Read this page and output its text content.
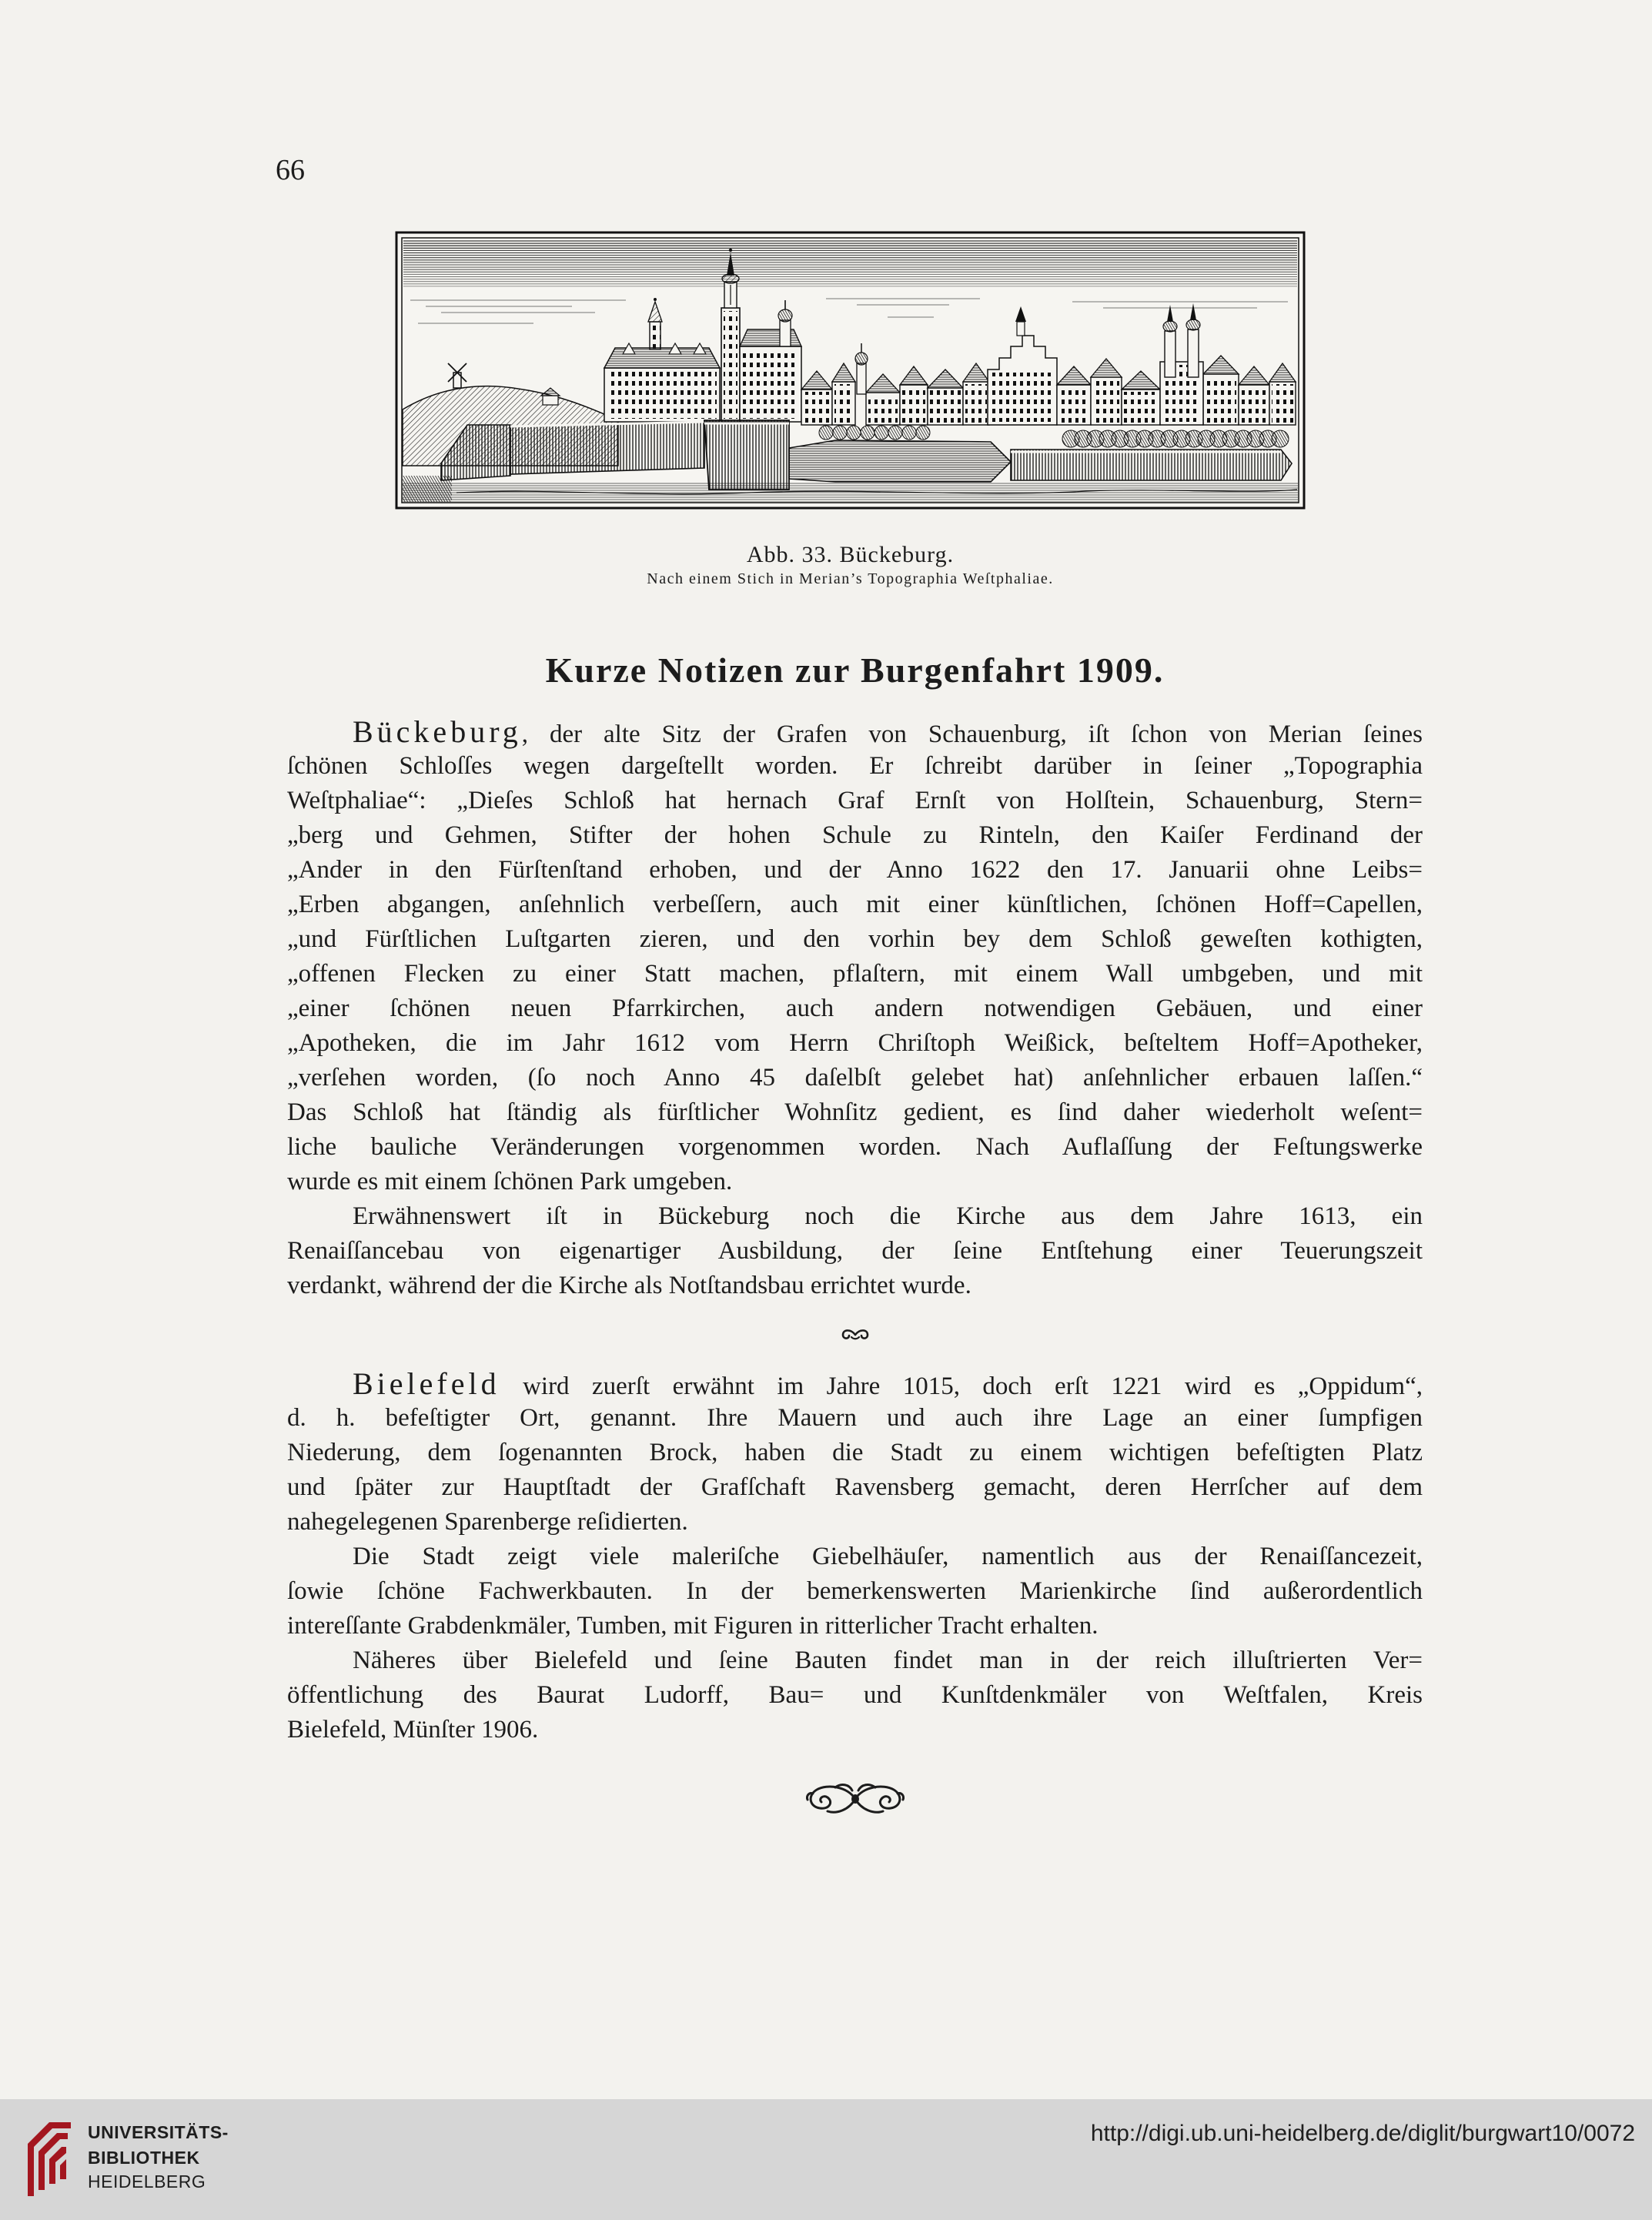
66
Abb. 33. Bückeburg.
Nach einem Stich in Merian’s Topographia Weſtphaliae.
Kurze Notizen zur Burgenfahrt 1909.
Bückeburg, der alte Sitz der Grafen von Schauenburg, iſt ſchon von Merian ſeines
ſchönen Schloſſes wegen dargeſtellt worden. Er ſchreibt darüber in ſeiner „Topographia
Weſtphaliae“: „Dieſes Schloß hat hernach Graf Ernſt von Holſtein, Schauenburg, Stern=
„berg und Gehmen, Stifter der hohen Schule zu Rinteln, den Kaiſer Ferdinand der
„Ander in den Fürſtenſtand erhoben, und der Anno 1622 den 17. Januarii ohne Leibs=
„Erben abgangen, anſehnlich verbeſſern, auch mit einer künſtlichen, ſchönen Hoff=Capellen,
„und Fürſtlichen Luſtgarten zieren, und den vorhin bey dem Schloß geweſten kothigten,
„offenen Flecken zu einer Statt machen, pflaſtern, mit einem Wall umbgeben, und mit
„einer ſchönen neuen Pfarrkirchen, auch andern notwendigen Gebäuen, und einer
„Apotheken, die im Jahr 1612 vom Herrn Chriſtoph Weißick, beſteltem Hoff=Apotheker,
„verſehen worden, (ſo noch Anno 45 daſelbſt gelebet hat) anſehnlicher erbauen laſſen.“
Das Schloß hat ſtändig als fürſtlicher Wohnſitz gedient, es ſind daher wiederholt weſent=
liche bauliche Veränderungen vorgenommen worden. Nach Auflaſſung der Feſtungswerke
wurde es mit einem ſchönen Park umgeben.
Erwähnenswert iſt in Bückeburg noch die Kirche aus dem Jahre 1613, ein
Renaiſſancebau von eigenartiger Ausbildung, der ſeine Entſtehung einer Teuerungszeit
verdankt, während der die Kirche als Notſtandsbau errichtet wurde.
Bielefeld wird zuerſt erwähnt im Jahre 1015, doch erſt 1221 wird es „Oppidum“,
d. h. befeſtigter Ort, genannt. Ihre Mauern und auch ihre Lage an einer ſumpfigen
Niederung, dem ſogenannten Brock, haben die Stadt zu einem wichtigen befeſtigten Platz
und ſpäter zur Hauptſtadt der Grafſchaft Ravensberg gemacht, deren Herrſcher auf dem
nahegelegenen Sparenberge reſidierten.
Die Stadt zeigt viele maleriſche Giebelhäuſer, namentlich aus der Renaiſſancezeit,
ſowie ſchöne Fachwerkbauten. In der bemerkenswerten Marienkirche ſind außerordentlich
intereſſante Grabdenkmäler, Tumben, mit Figuren in ritterlicher Tracht erhalten.
Näheres über Bielefeld und ſeine Bauten findet man in der reich illuſtrierten Ver=
öffentlichung des Baurat Ludorff, Bau= und Kunſtdenkmäler von Weſtfalen, Kreis
Bielefeld, Münſter 1906.
UNIVERSITÄTS-
BIBLIOTHEK
HEIDELBERG
http://digi.ub.uni-heidelberg.de/diglit/burgwart10/0072
